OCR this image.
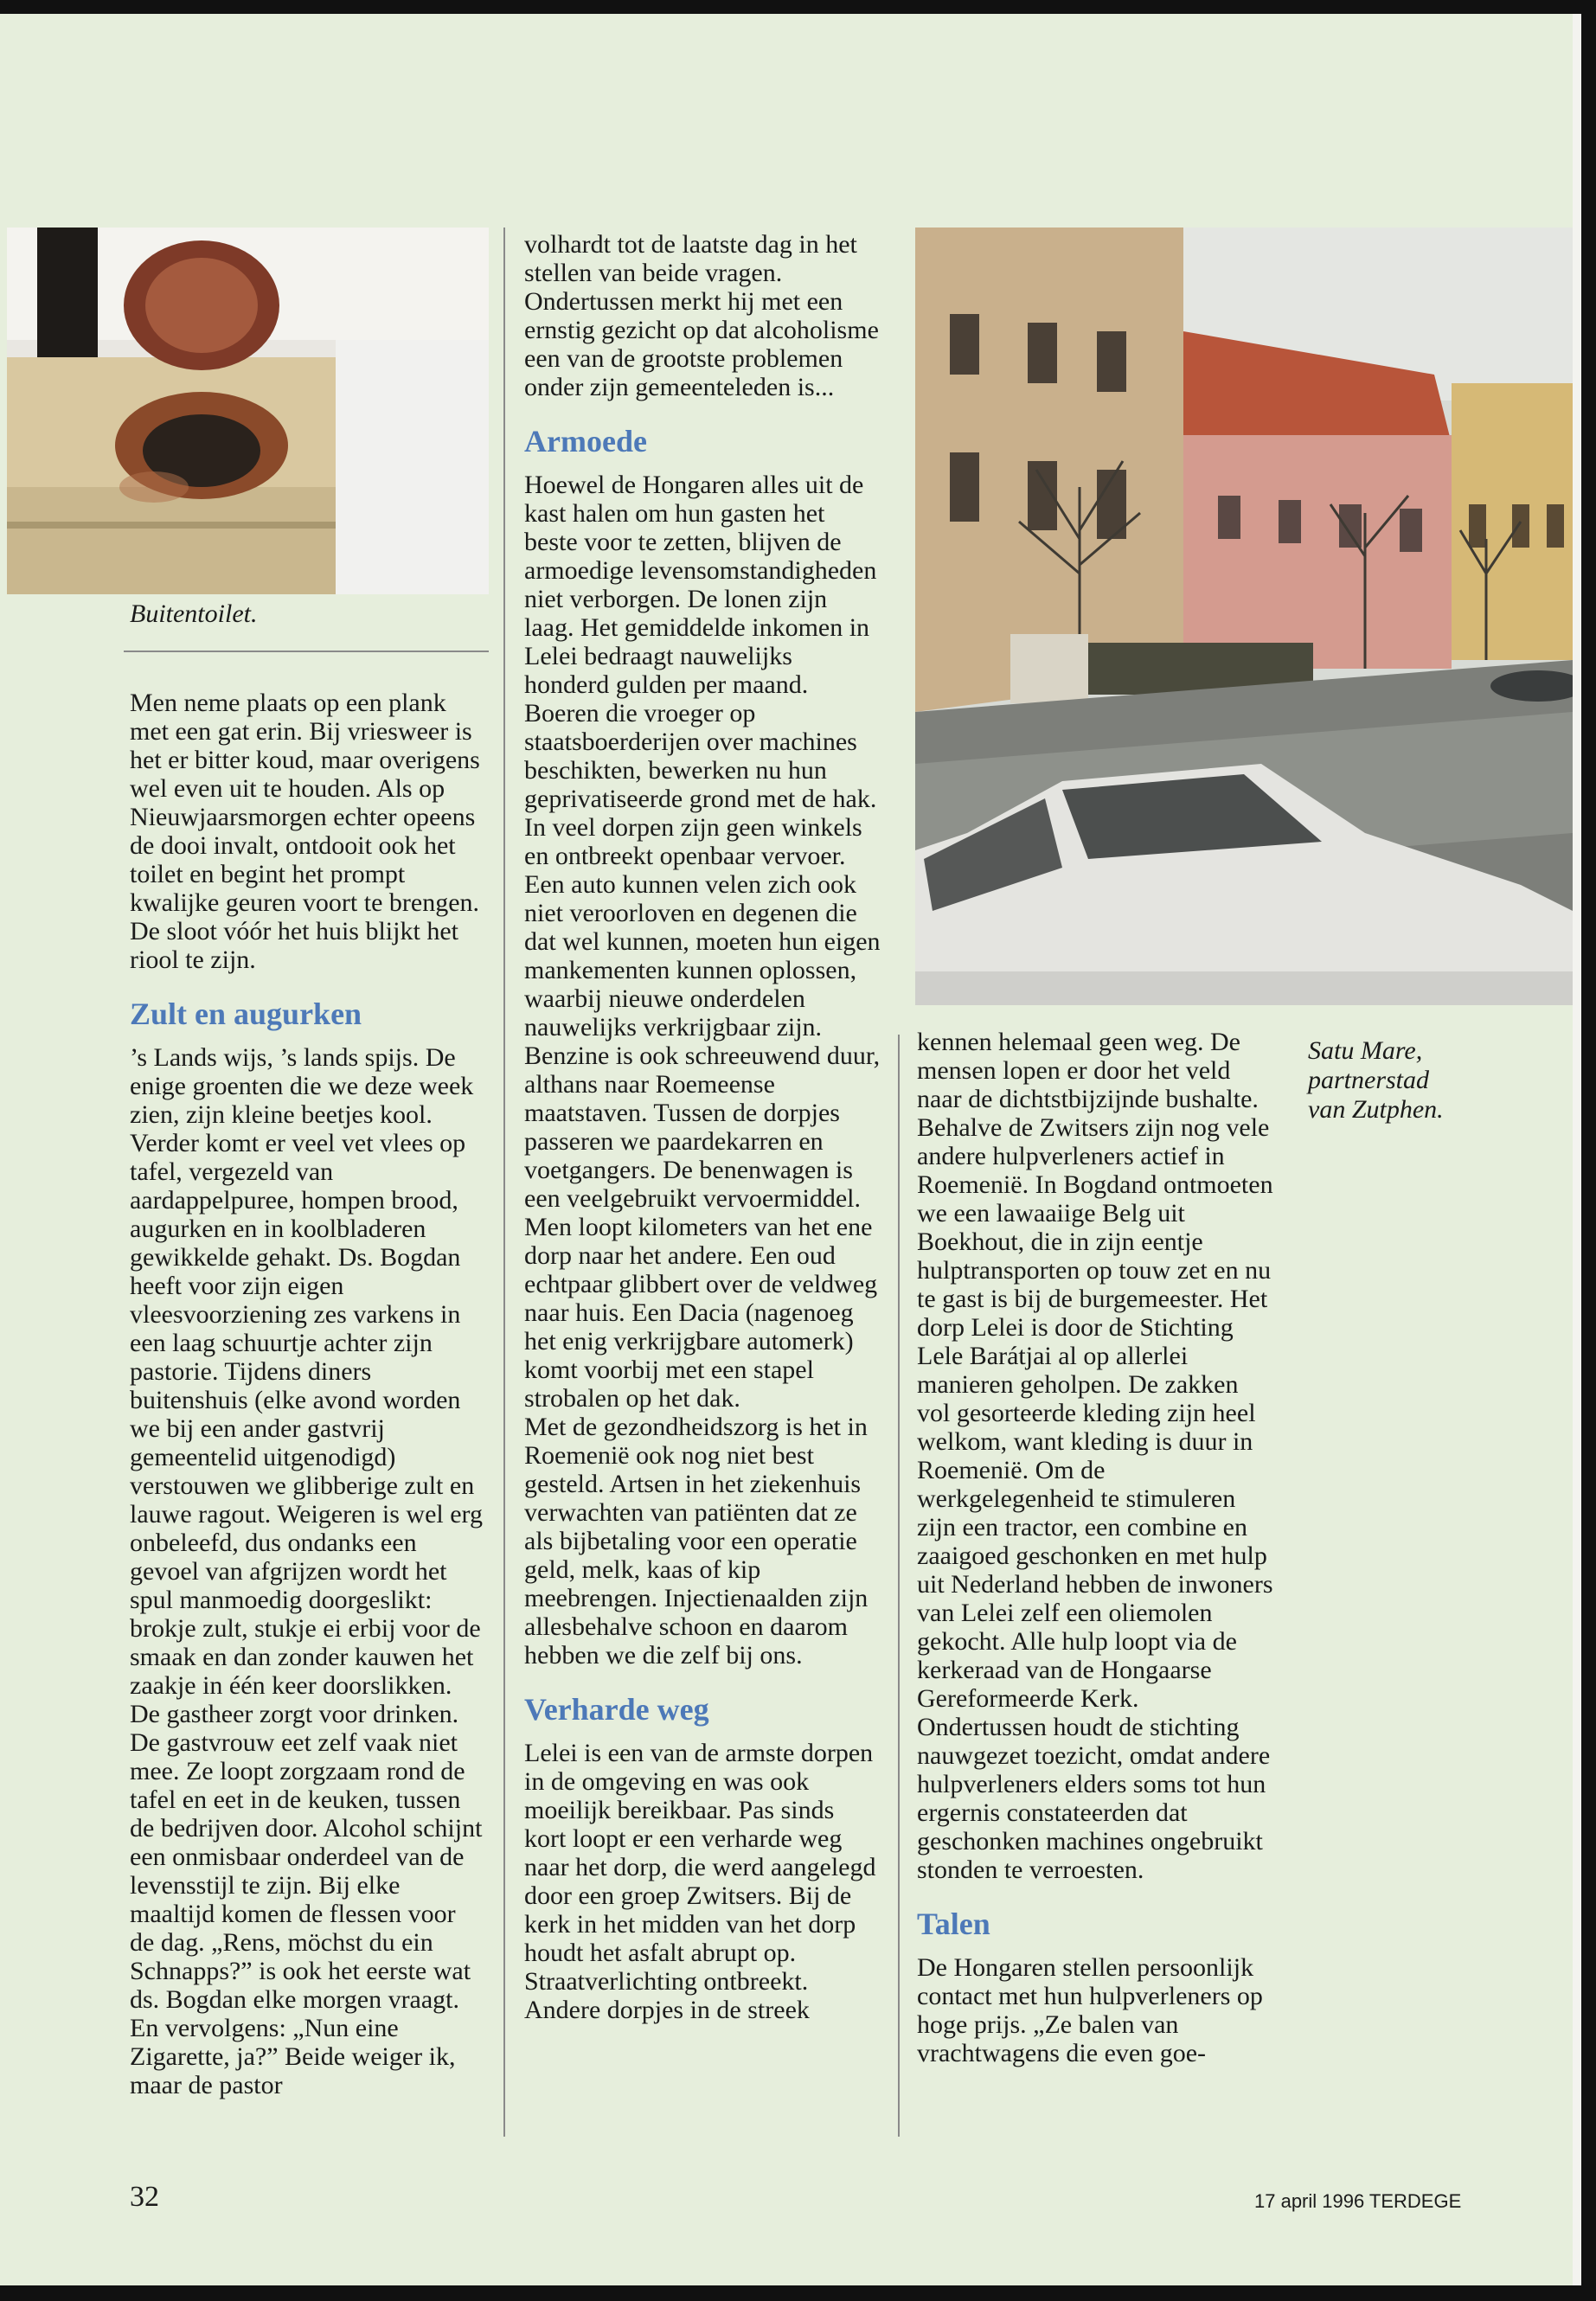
Buitentoilet.
Satu Mare,
partnerstad
van Zutphen.

Men neme plaats op een plank met een gat erin. Bij vriesweer is het er bitter koud, maar overigens wel even uit te houden. Als op Nieuwjaarsmorgen echter opeens de dooi invalt, ontdooit ook het toilet en begint het prompt kwalijke geuren voort te brengen. De sloot vóór het huis blijkt het riool te zijn.

Zult en augurken

’s Lands wijs, ’s lands spijs. De enige groenten die we deze week zien, zijn kleine beetjes kool. Verder komt er veel vet vlees op tafel, vergezeld van aardappelpuree, hompen brood, augurken en in koolbladeren gewikkelde gehakt. Ds. Bogdan heeft voor zijn eigen vleesvoorziening zes varkens in een laag schuurtje achter zijn pastorie. Tijdens diners buitenshuis (elke avond worden we bij een ander gastvrij gemeentelid uitgenodigd) verstouwen we glibberige zult en lauwe ragout. Weigeren is wel erg onbeleefd, dus ondanks een gevoel van afgrijzen wordt het spul manmoedig doorgeslikt: brokje zult, stukje ei erbij voor de smaak en dan zonder kauwen het zaakje in één keer doorslikken.

De gastheer zorgt voor drinken. De gastvrouw eet zelf vaak niet mee. Ze loopt zorgzaam rond de tafel en eet in de keuken, tussen de bedrijven door. Alcohol schijnt een onmisbaar onderdeel van de levensstijl te zijn. Bij elke maaltijd komen de flessen voor de dag. „Rens, möchst du ein Schnapps?” is ook het eerste wat ds. Bogdan elke morgen vraagt. En vervolgens: „Nun eine Zigarette, ja?” Beide weiger ik, maar de pastor

volhardt tot de laatste dag in het stellen van beide vragen. Ondertussen merkt hij met een ernstig gezicht op dat alcoholisme een van de grootste problemen onder zijn gemeenteleden is...

Armoede

Hoewel de Hongaren alles uit de kast halen om hun gasten het beste voor te zetten, blijven de armoedige levensomstandigheden niet verborgen. De lonen zijn laag. Het gemiddelde inkomen in Lelei bedraagt nauwelijks honderd gulden per maand. Boeren die vroeger op staatsboerderijen over machines beschikten, bewerken nu hun geprivatiseerde grond met de hak. In veel dorpen zijn geen winkels en ontbreekt openbaar vervoer. Een auto kunnen velen zich ook niet veroorloven en degenen die dat wel kunnen, moeten hun eigen mankementen kunnen oplossen, waarbij nieuwe onderdelen nauwelijks verkrijgbaar zijn. Benzine is ook schreeuwend duur, althans naar Roemeense maatstaven. Tussen de dorpjes passeren we paardekarren en voetgangers. De benenwagen is een veelgebruikt vervoermiddel. Men loopt kilometers van het ene dorp naar het andere. Een oud echtpaar glibbert over de veldweg naar huis. Een Dacia (nagenoeg het enig verkrijgbare automerk) komt voorbij met een stapel strobalen op het dak.

Met de gezondheidszorg is het in Roemenië ook nog niet best gesteld. Artsen in het ziekenhuis verwachten van patiënten dat ze als bijbetaling voor een operatie geld, melk, kaas of kip meebrengen. Injectienaalden zijn allesbehalve schoon en daarom hebben we die zelf bij ons.

Verharde weg

Lelei is een van de armste dorpen in de omgeving en was ook moeilijk bereikbaar. Pas sinds kort loopt er een verharde weg naar het dorp, die werd aangelegd door een groep Zwitsers. Bij de kerk in het midden van het dorp houdt het asfalt abrupt op. Straatverlichting ontbreekt. Andere dorpjes in de streek

kennen helemaal geen weg. De mensen lopen er door het veld naar de dichtstbijzijnde bushalte.

Behalve de Zwitsers zijn nog vele andere hulpverleners actief in Roemenië. In Bogdand ontmoeten we een lawaaiige Belg uit Boekhout, die in zijn eentje hulptransporten op touw zet en nu te gast is bij de burgemeester. Het dorp Lelei is door de Stichting Lele Barátjai al op allerlei manieren geholpen. De zakken vol gesorteerde kleding zijn heel welkom, want kleding is duur in Roemenië. Om de werkgelegenheid te stimuleren zijn een tractor, een combine en zaaigoed geschonken en met hulp uit Nederland hebben de inwoners van Lelei zelf een oliemolen gekocht. Alle hulp loopt via de kerkeraad van de Hongaarse Gereformeerde Kerk. Ondertussen houdt de stichting nauwgezet toezicht, omdat andere hulpverleners elders soms tot hun ergernis constateerden dat geschonken machines ongebruikt stonden te verroesten.

Talen

De Hongaren stellen persoonlijk contact met hun hulpverleners op hoge prijs. „Ze balen van vrachtwagens die even goe-

32	17 april 1996 TERDEGE
